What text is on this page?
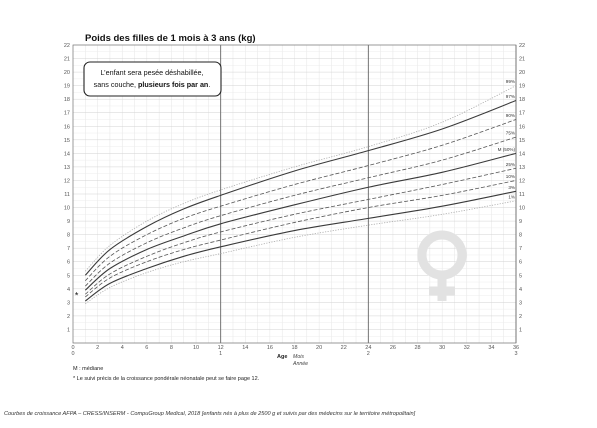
Poids des filles de 1 mois à 3 ans (kg)
99%
97%
90%
75%
M (50%)
25%
10%
3%
1%
*
1	1
2	2
3	3
4	4
5	5
6	6
7	7
8	8
9	9
10	10
11	11
12	12
13	13
14	14
15	15
16	16
17	17
18	18
19	19
20	20
21	21
22	22
0	2	4	6	8	10	12	14	16	18	20	22	24	26	28	30	32	34	36
0	1	2	3
L’enfant sera pesée déshabillée,
sans couche, plusieurs fois par an.
Age Mois
Année
M : médiane
* Le suivi précis de la croissance pondérale néonatale peut se faire page 12.
Courbes de croissance AFPA – CRESS/INSERM - CompuGroup Medical, 2018 [enfants nés à plus de 2500 g et suivis par des médecins sur le territoire métropolitain]
